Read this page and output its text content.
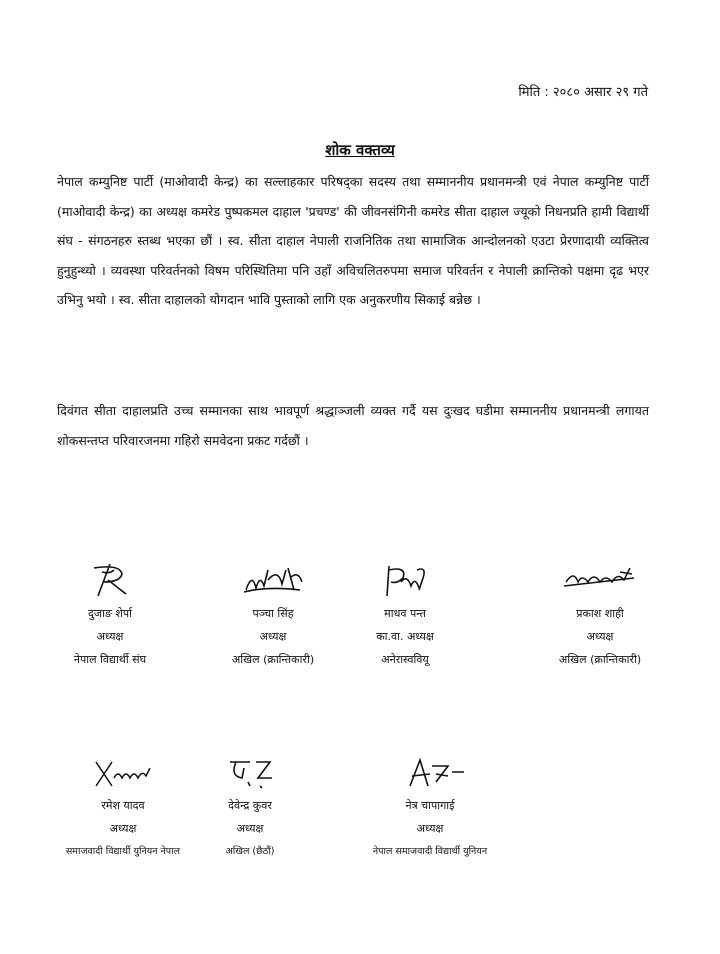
मिति : २०८० असार २९ गते
शोक वक्तव्य

नेपाल कम्युनिष्ट पार्टी (माओवादी केन्द्र) का सल्लाहकार परिषद्का सदस्य तथा सम्माननीय प्रधानमन्त्री एवं नेपाल कम्युनिष्ट पार्टी (माओवादी केन्द्र) का अध्यक्ष कमरेड पुष्पकमल दाहाल 'प्रचण्ड' की जीवनसंगिनी कमरेड सीता दाहाल ज्यूको निधनप्रति हामी विद्यार्थी संघ - संगठनहरु स्तब्ध भएका छौं । स्व. सीता दाहाल नेपाली राजनितिक तथा सामाजिक आन्दोलनको एउटा प्रेरणादायी व्यक्तित्व हुनुहुन्थ्यो । व्यवस्था परिवर्तनको विषम परिस्थितिमा पनि उहाँ अविचलितरुपमा समाज परिवर्तन र नेपाली क्रान्तिको पक्षमा दृढ भएर उभिनु भयो । स्व. सीता दाहालको योगदान भावि पुस्ताको लागि एक अनुकरणीय सिकाई बन्नेछ ।

दिवंगत सीता दाहालप्रति उच्च सम्मानका साथ भावपूर्ण श्रद्धाञ्जली व्यक्त गर्दै यस दुःखद घडीमा सम्माननीय प्रधानमन्त्री लगायत शोकसन्तप्त परिवारजनमा गहिरो समवेदना प्रकट गर्दछौं ।

दुजाङ शेर्पा
अध्यक्ष
नेपाल विद्यार्थी संघ
पञ्चा सिंह
अध्यक्ष
अखिल (क्रान्तिकारी)
माधव पन्त
का.वा. अध्यक्ष
अनेरास्ववियू
प्रकाश शाही
अध्यक्ष
अखिल (क्रान्तिकारी)
रमेश यादव
अध्यक्ष
समाजवादी विद्यार्थी युनियन नेपाल
देवेन्द्र कुवर
अध्यक्ष
अखिल (छैठौं)
नेत्र चापागाई
अध्यक्ष
नेपाल समाजवादी विद्यार्थी युनियन
